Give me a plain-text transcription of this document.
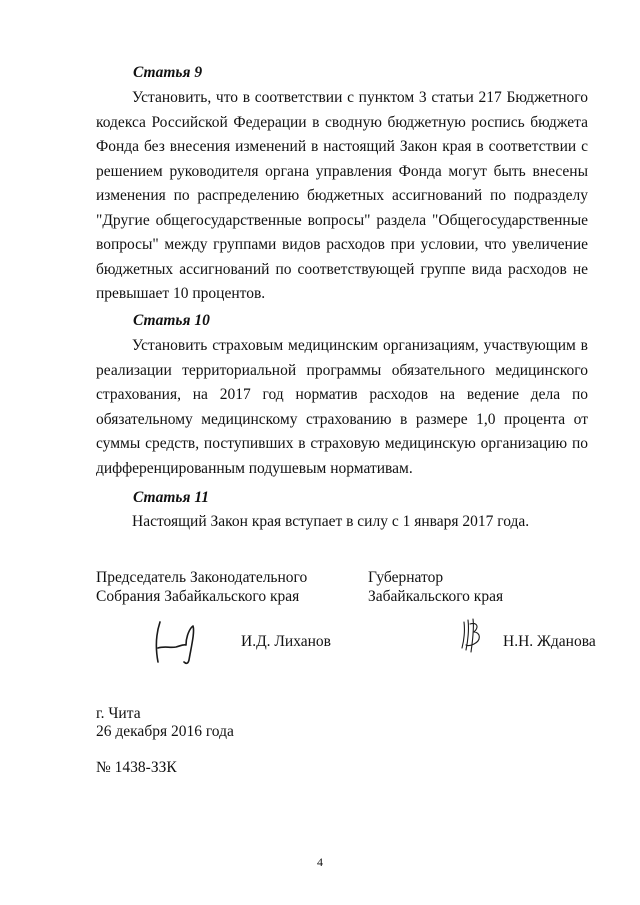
Статья 9

Установить, что в соответствии с пунктом 3 статьи 217 Бюджетного кодекса Российской Федерации в сводную бюджетную роспись бюджета Фонда без внесения изменений в настоящий Закон края в соответствии с решением руководителя органа управления Фонда могут быть внесены изменения по распределению бюджетных ассигнований по подразделу "Другие общегосударственные вопросы" раздела "Общегосударственные вопросы" между группами видов расходов при условии, что увеличение бюджетных ассигнований по соответствующей группе вида расходов не превышает 10 процентов.

Статья 10

Установить страховым медицинским организациям, участвующим в реализации территориальной программы обязательного медицинского страхования, на 2017 год норматив расходов на ведение дела по обязательному медицинскому страхованию в размере 1,0 процента от суммы средств, поступивших в страховую медицинскую организацию по дифференцированным подушевым нормативам.

Статья 11

Настоящий Закон края вступает в силу с 1 января 2017 года.

Председатель Законодательного
Собрания Забайкальского края
Губернатор
Забайкальского края
И.Д. Лиханов	Н.Н. Жданова
г. Чита
26 декабря 2016 года
№ 1438-ЗЗК
4
